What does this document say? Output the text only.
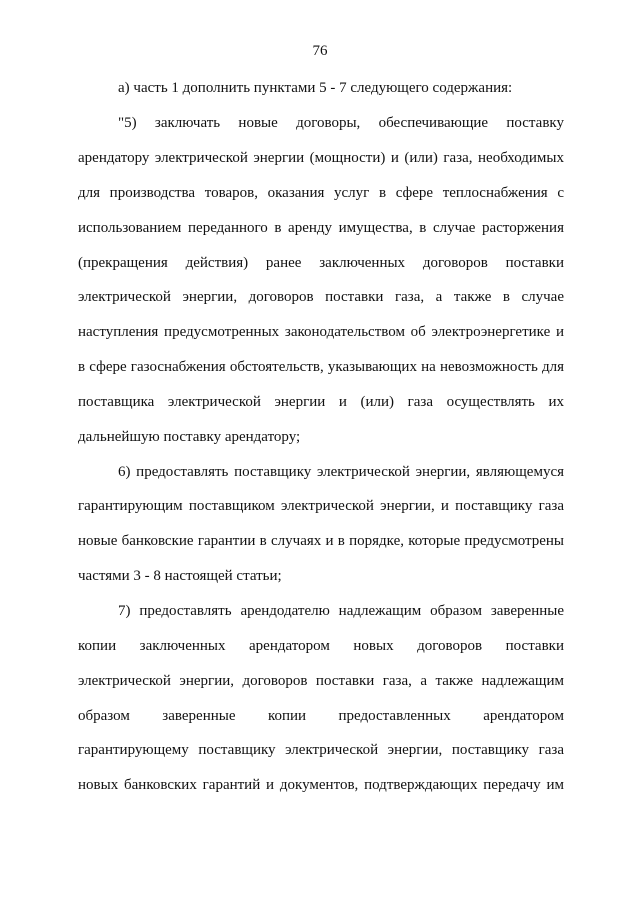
76
а) часть 1 дополнить пунктами 5 - 7 следующего содержания:
"5) заключать новые договоры, обеспечивающие поставку
арендатору электрической энергии (мощности) и (или) газа, необходимых
для производства товаров, оказания услуг в сфере теплоснабжения с
использованием переданного в аренду имущества, в случае расторжения
(прекращения действия) ранее заключенных договоров поставки
электрической энергии, договоров поставки газа, а также в случае
наступления предусмотренных законодательством об электроэнергетике и
в сфере газоснабжения обстоятельств, указывающих на невозможность для
поставщика электрической энергии и (или) газа осуществлять их
дальнейшую поставку арендатору;
6) предоставлять поставщику электрической энергии, являющемуся
гарантирующим поставщиком электрической энергии, и поставщику газа
новые банковские гарантии в случаях и в порядке, которые предусмотрены
частями 3 - 8 настоящей статьи;
7) предоставлять арендодателю надлежащим образом заверенные
копии заключенных арендатором новых договоров поставки
электрической энергии, договоров поставки газа, а также надлежащим
образом заверенные копии предоставленных арендатором
гарантирующему поставщику электрической энергии, поставщику газа
новых банковских гарантий и документов, подтверждающих передачу им
